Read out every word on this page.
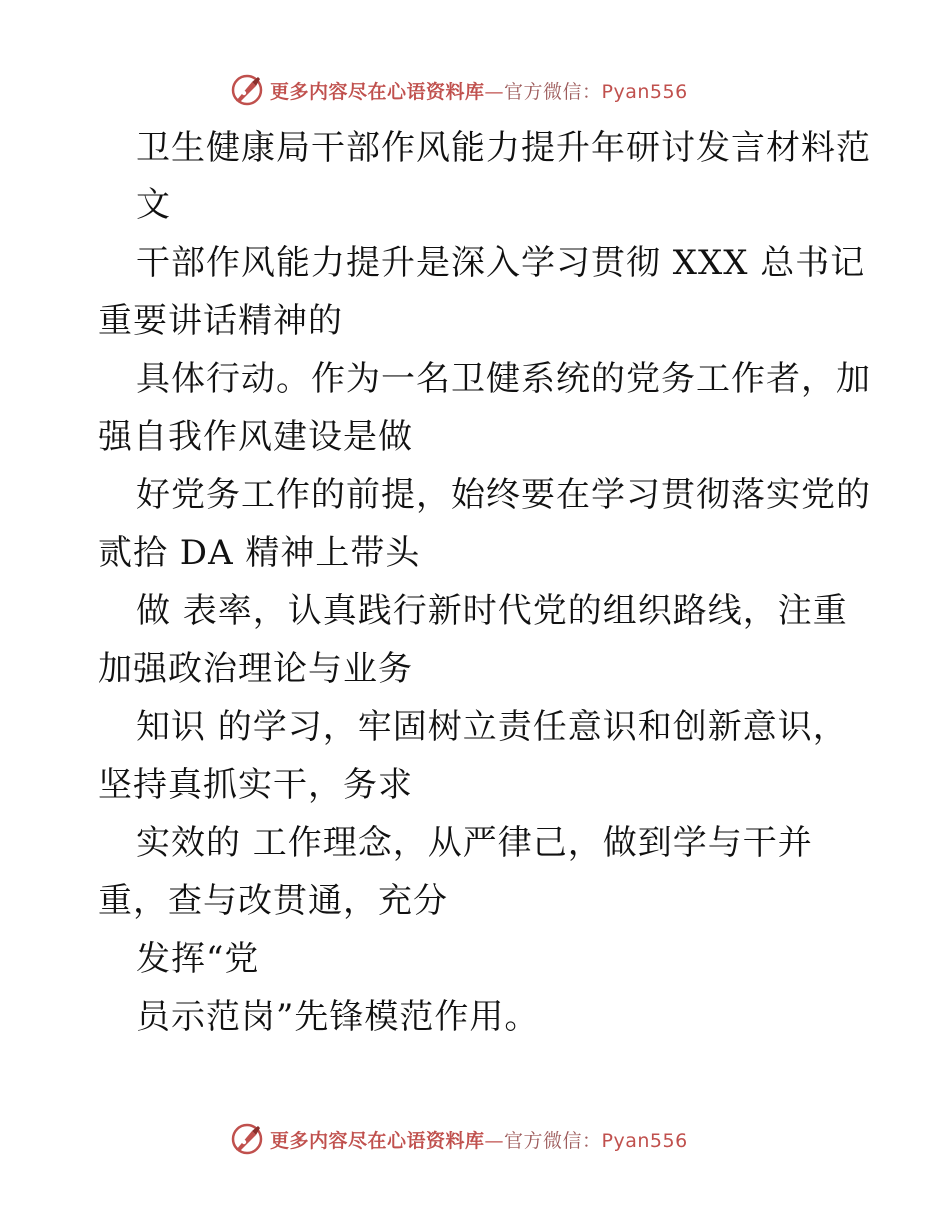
更多内容尽在心语资料库—官方微信：Pyan556
卫生健康局干部作风能力提升年研讨发言材料范
文
干部作风能力提升是深入学习贯彻 XXX 总书记
重要讲话精神的
具体行动。作为一名卫健系统的党务工作者，加
强自我作风建设是做
好党务工作的前提，始终要在学习贯彻落实党的
贰拾 DA 精神上带头
做 表率，认真践行新时代党的组织路线，注重
加强政治理论与业务
知识 的学习，牢固树立责任意识和创新意识，
坚持真抓实干，务求
实效的 工作理念，从严律己，做到学与干并
重，查与改贯通，充分
发挥“党
员示范岗”先锋模范作用。
更多内容尽在心语资料库—官方微信：Pyan556
